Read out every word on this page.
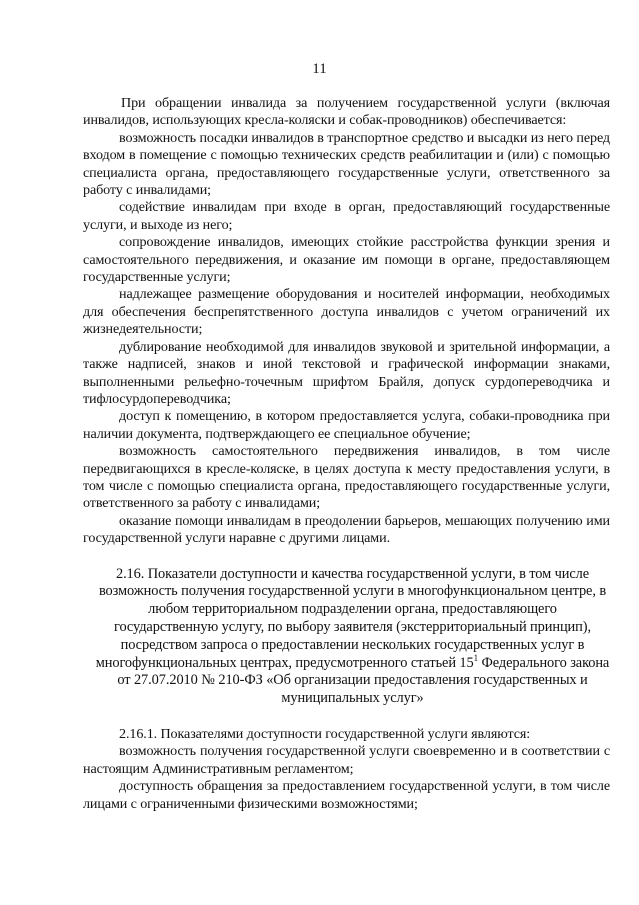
11

При обращении инвалида за получением государственной услуги (включая инвалидов, использующих кресла-коляски и собак-проводников) обеспечивается:

возможность посадки инвалидов в транспортное средство и высадки из него перед входом в помещение с помощью технических средств реабилитации и (или) с помощью специалиста органа, предоставляющего государственные услуги, ответственного за работу с инвалидами;

содействие инвалидам при входе в орган, предоставляющий государственные услуги, и выходе из него;

сопровождение инвалидов, имеющих стойкие расстройства функции зрения и самостоятельного передвижения, и оказание им помощи в органе, предоставляющем государственные услуги;

надлежащее размещение оборудования и носителей информации, необходимых для обеспечения беспрепятственного доступа инвалидов с учетом ограничений их жизнедеятельности;

дублирование необходимой для инвалидов звуковой и зрительной информации, а также надписей, знаков и иной текстовой и графической информации знаками, выполненными рельефно-точечным шрифтом Брайля, допуск сурдопереводчика и тифлосурдопереводчика;

доступ к помещению, в котором предоставляется услуга, собаки-проводника при наличии документа, подтверждающего ее специальное обучение;

возможность самостоятельного передвижения инвалидов, в том числе передвигающихся в кресле-коляске, в целях доступа к месту предоставления услуги, в том числе с помощью специалиста органа, предоставляющего государственные услуги, ответственного за работу с инвалидами;

оказание помощи инвалидам в преодолении барьеров, мешающих получению ими государственной услуги наравне с другими лицами.

2.16. Показатели доступности и качества государственной услуги, в том числе возможность получения государственной услуги в многофункциональном центре, в любом территориальном подразделении органа, предоставляющего государственную услугу, по выбору заявителя (экстерриториальный принцип), посредством запроса о предоставлении нескольких государственных услуг в многофункциональных центрах, предусмотренного статьей $15^1$ Федерального закона от 27.07.2010 № 210-ФЗ «Об организации предоставления государственных и муниципальных услуг»

2.16.1. Показателями доступности государственной услуги являются:

возможность получения государственной услуги своевременно и в соответствии с настоящим Административным регламентом;

доступность обращения за предоставлением государственной услуги, в том числе лицами с ограниченными физическими возможностями;
